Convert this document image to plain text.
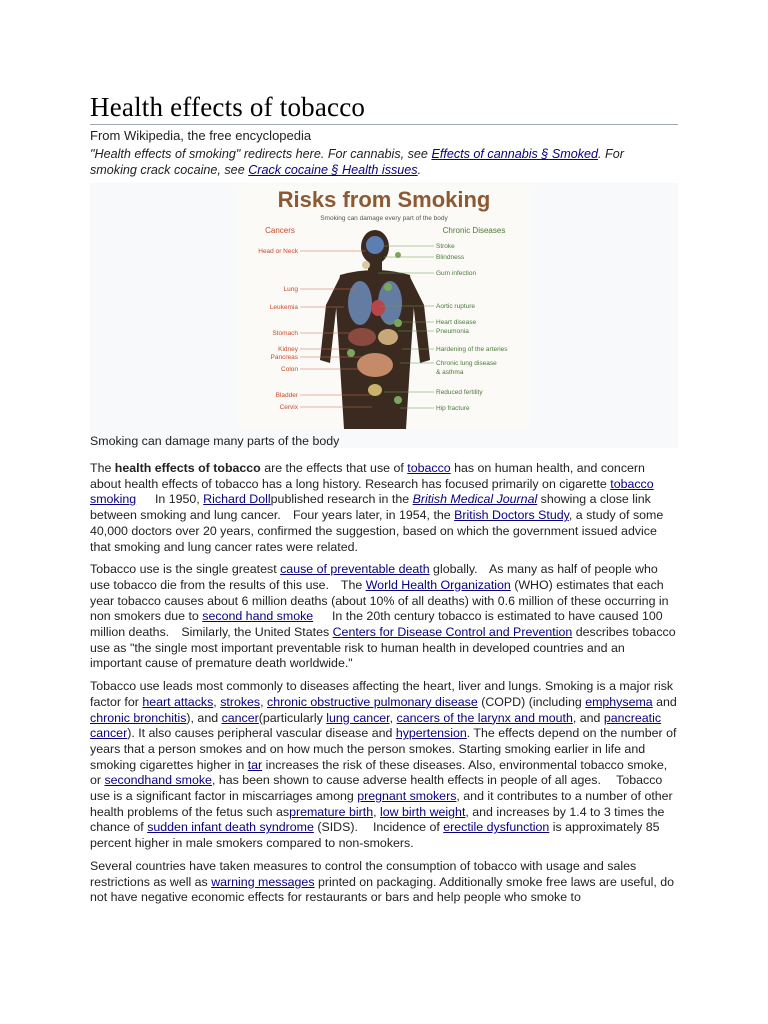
Health effects of tobacco
From Wikipedia, the free encyclopedia
"Health effects of smoking" redirects here. For cannabis, see Effects of cannabis § Smoked. For smoking crack cocaine, see Crack cocaine § Health issues.
Risks from Smoking
Smoking can damage every part of the body
Cancers	Chronic Diseases
Head or Neck
Lung
Leukemia
Stomach
Kidney
Pancreas
Colon
Bladder
Cervix
Stroke
Blindness
Gum infection
Aortic rupture
Heart disease
Pneumonia
Hardening of the arteries
Chronic lung disease
& asthma
Reduced fertility
Hip fracture
Smoking can damage many parts of the body

The health effects of tobacco are the effects that use of tobacco has on human health, and concern about health effects of tobacco has a long history. Research has focused primarily on cigarette tobacco smoking[1][2] In 1950, Richard Dollpublished research in the British Medical Journal showing a close link between smoking and lung cancer.[3] Four years later, in 1954, the British Doctors Study, a study of some 40,000 doctors over 20 years, confirmed the suggestion, based on which the government issued advice that smoking and lung cancer rates were related.[4][5]

Tobacco use is the single greatest cause of preventable death globally.[6] As many as half of people who use tobacco die from the results of this use.[7] The World Health Organization (WHO) estimates that each year tobacco causes about 6 million deaths (about 10% of all deaths) with 0.6 million of these occurring in non smokers due to second hand smoke[8][9] In the 20th century tobacco is estimated to have caused 100 million deaths.[7] Similarly, the United States Centers for Disease Control and Prevention describes tobacco use as "the single most important preventable risk to human health in developed countries and an important cause of premature death worldwide."[9]

Tobacco use leads most commonly to diseases affecting the heart, liver and lungs. Smoking is a major risk factor for heart attacks, strokes, chronic obstructive pulmonary disease (COPD) (including emphysema and chronic bronchitis), and cancer(particularly lung cancer, cancers of the larynx and mouth, and pancreatic cancer). It also causes peripheral vascular disease and hypertension. The effects depend on the number of years that a person smokes and on how much the person smokes. Starting smoking earlier in life and smoking cigarettes higher in tar increases the risk of these diseases. Also, environmental tobacco smoke, or secondhand smoke, has been shown to cause adverse health effects in people of all ages.[10] Tobacco use is a significant factor in miscarriages among pregnant smokers, and it contributes to a number of other health problems of the fetus such aspremature birth, low birth weight, and increases by 1.4 to 3 times the chance of sudden infant death syndrome (SIDS).[11] Incidence of erectile dysfunction is approximately 85 percent higher in male smokers compared to non-smokers.[12][13]

Several countries have taken measures to control the consumption of tobacco with usage and sales restrictions as well as warning messages printed on packaging. Additionally smoke free laws are useful, do not have negative economic effects for restaurants or bars and help people who smoke to
